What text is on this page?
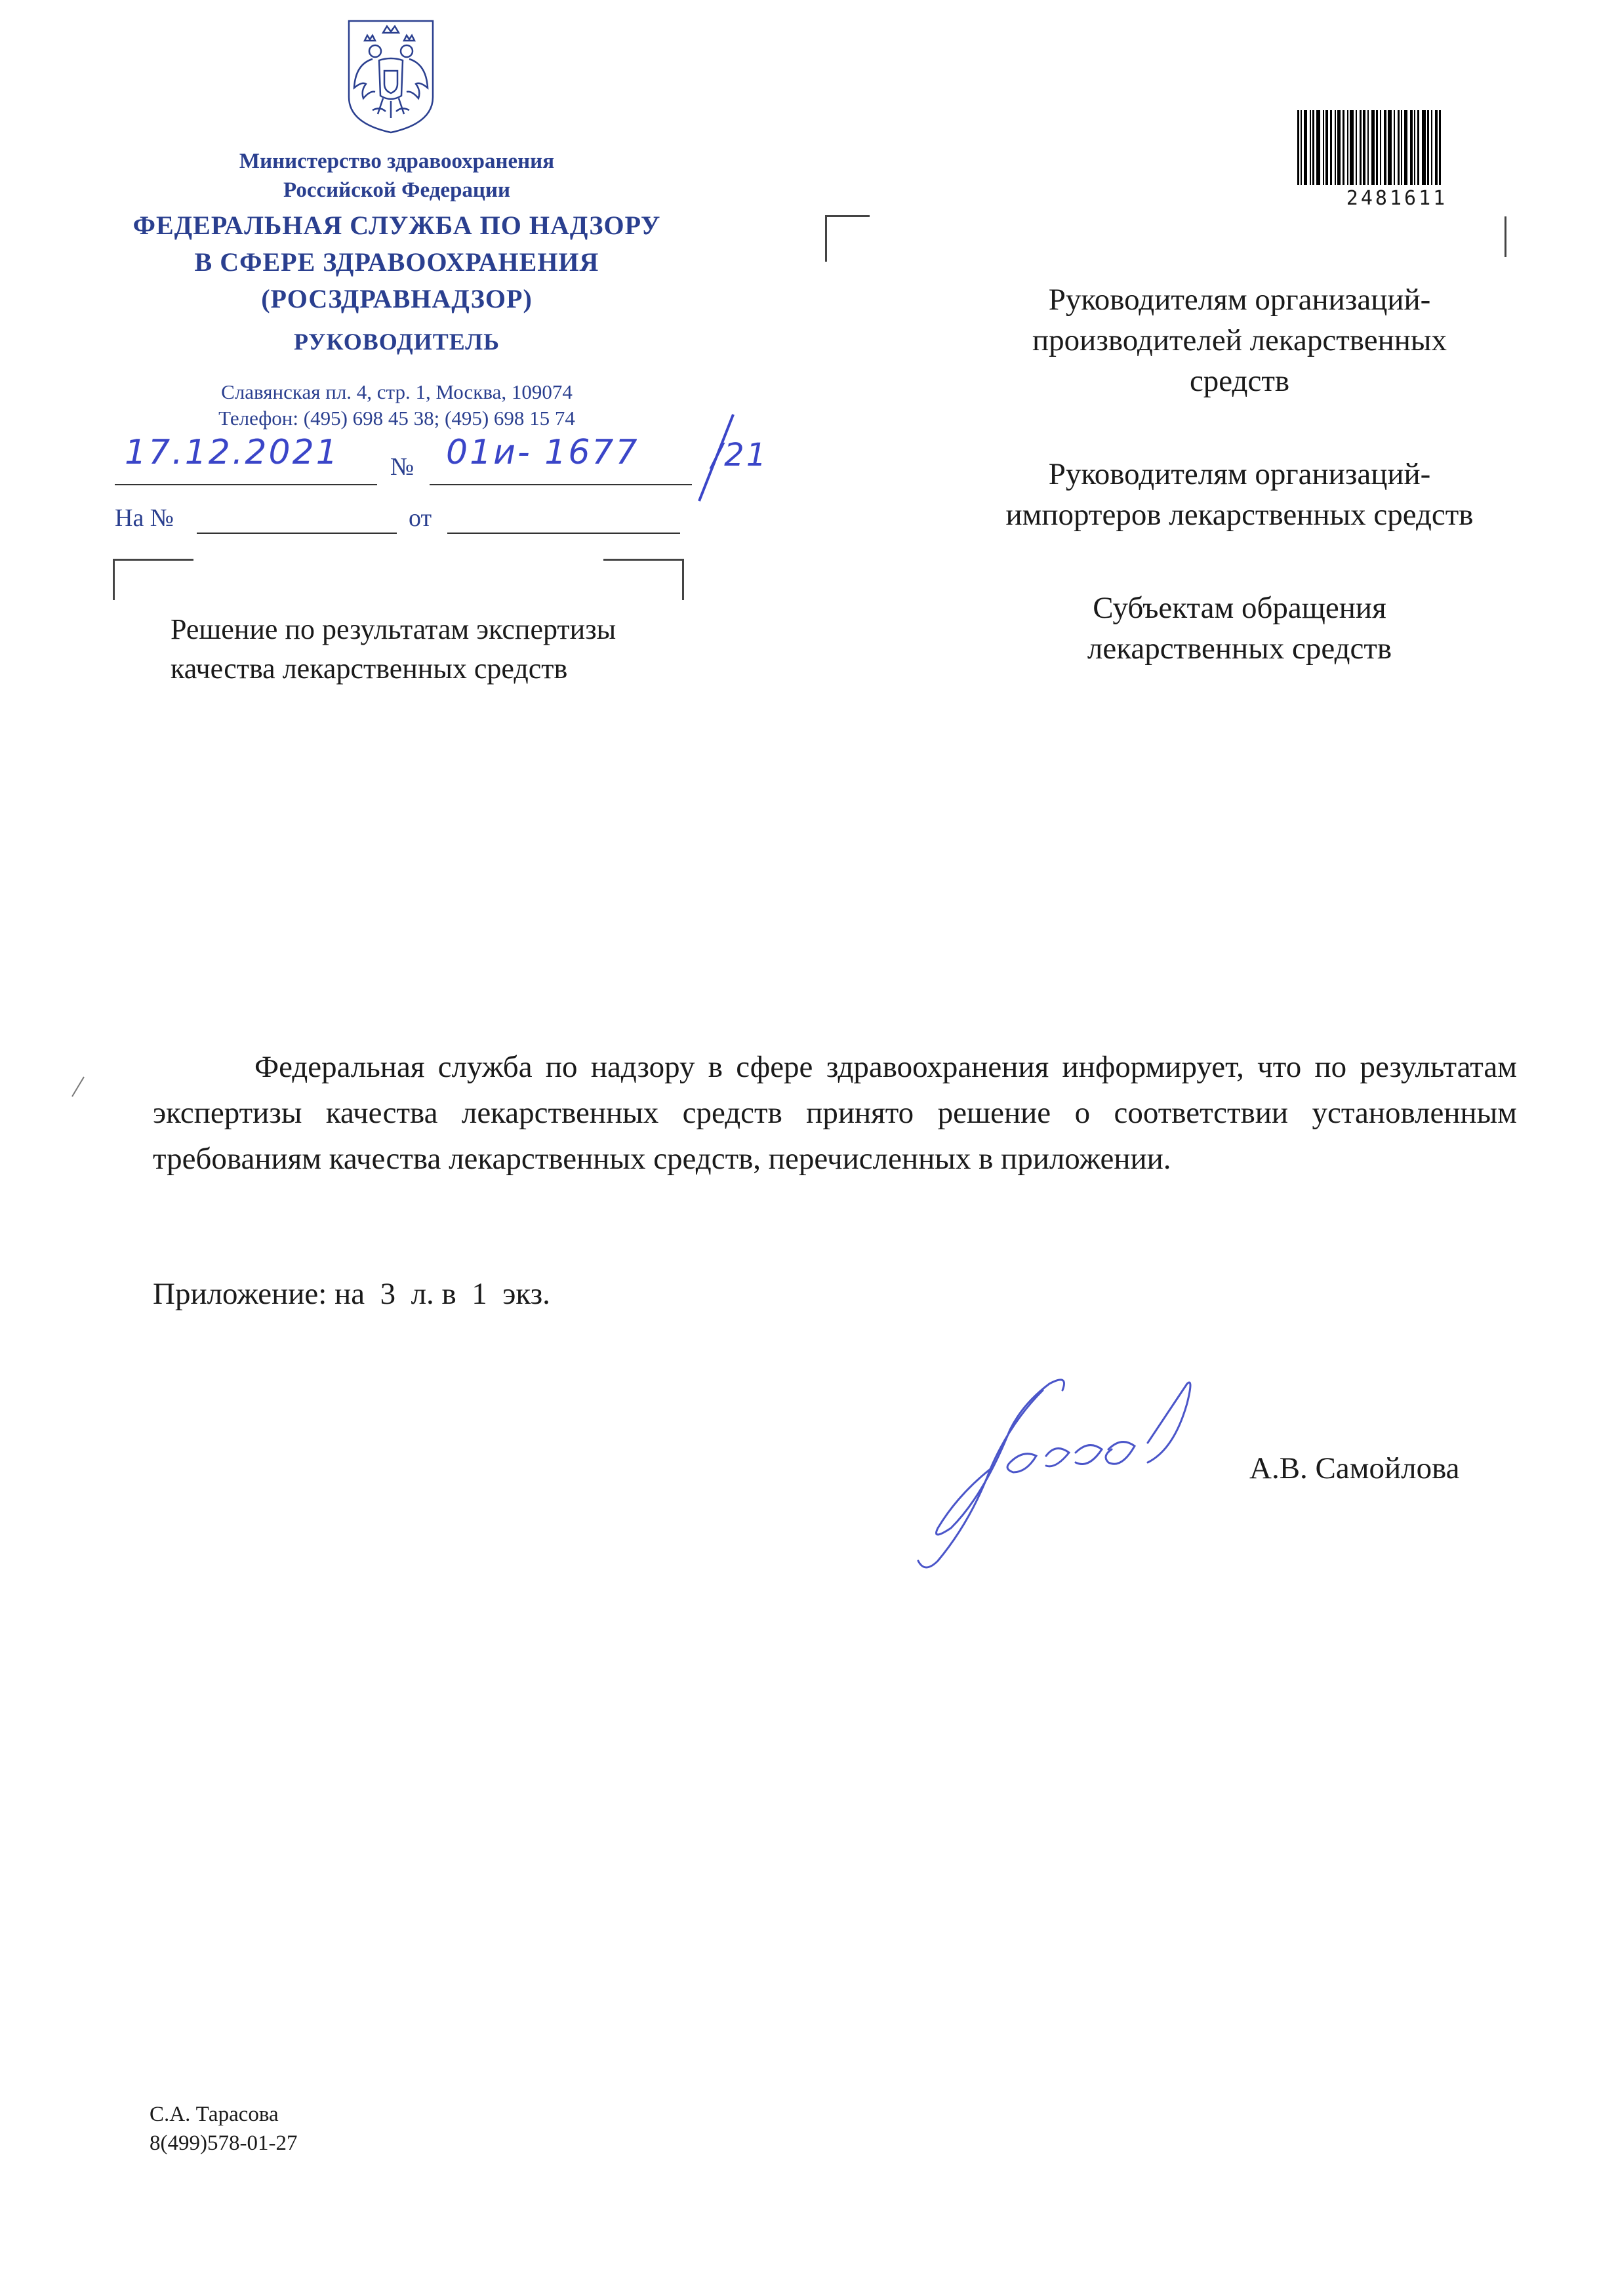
Министерство здравоохранения
Российской Федерации
ФЕДЕРАЛЬНАЯ СЛУЖБА ПО НАДЗОРУ
В СФЕРЕ ЗДРАВООХРАНЕНИЯ
(РОСЗДРАВНАДЗОР)
РУКОВОДИТЕЛЬ
Славянская пл. 4, стр. 1, Москва, 109074
Телефон: (495) 698 45 38; (495) 698 15 74
17.12.2021 № 01и- 1677 /21
На №	от
Решение по результатам экспертизы
качества лекарственных средств
2481611
Руководителям организаций-
производителей лекарственных
средств
Руководителям организаций-
импортеров лекарственных средств
Субъектам обращения
лекарственных средств
Федеральная служба по надзору в сфере здравоохранения информирует, что по результатам экспертизы качества лекарственных средств принято решение о соответствии установленным требованиям качества лекарственных средств, перечисленных в приложении.
Приложение: на  3  л. в  1  экз.
А.В. Самойлова
С.А. Тарасова
8(499)578-01-27
